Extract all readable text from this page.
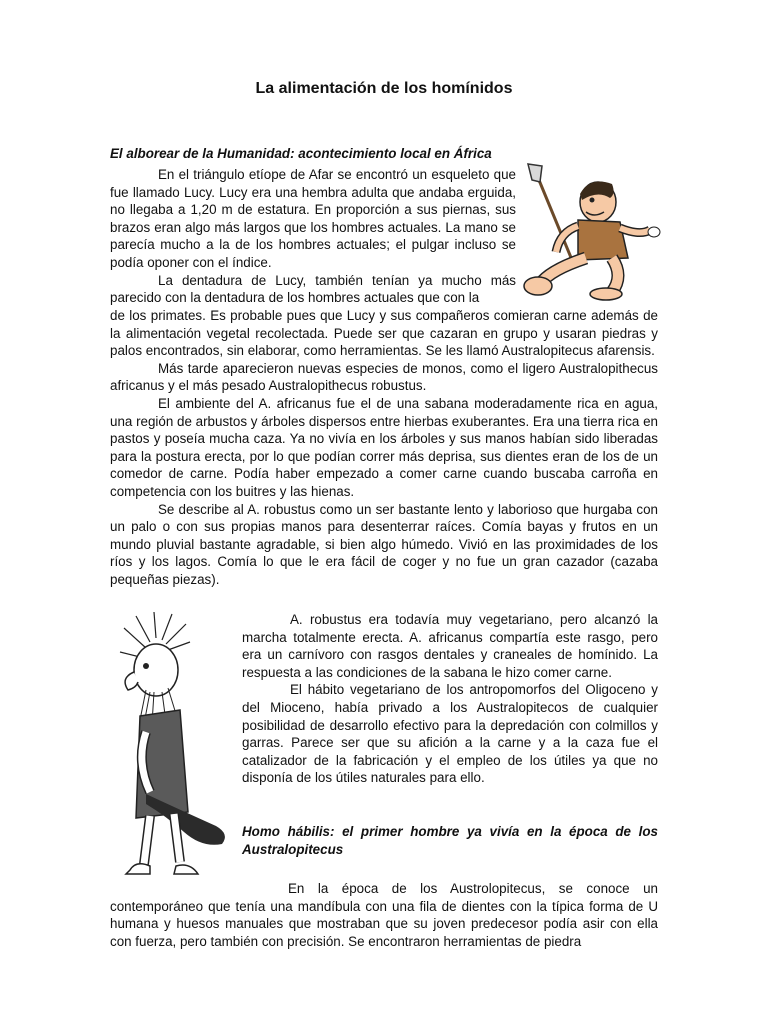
La alimentación de los homínidos
El alborear de la Humanidad: acontecimiento local en África

En el triángulo etíope de Afar se encontró un esqueleto que fue llamado Lucy. Lucy era una hembra adulta que andaba erguida, no llegaba a 1,20 m de estatura. En proporción a sus piernas, sus brazos eran algo más largos que los hombres actuales. La mano se parecía mucho a la de los hombres actuales; el pulgar incluso se podía oponer con el índice.

La dentadura de Lucy, también tenían ya mucho más parecido con la dentadura de los hombres actuales que con la

de los primates. Es probable pues que Lucy y sus compañeros comieran carne además de la alimentación vegetal recolectada. Puede ser que cazaran en grupo y usaran piedras y palos encontrados, sin elaborar, como herramientas. Se les llamó Australopitecus afarensis.

Más tarde aparecieron nuevas especies de monos, como el ligero Australopithecus africanus y el más pesado Australopithecus robustus.

El ambiente del A. africanus fue el de una sabana moderadamente rica en agua, una región de arbustos y árboles dispersos entre hierbas exuberantes. Era una tierra rica en pastos y poseía mucha caza. Ya no vivía en los árboles y sus manos habían sido liberadas para la postura erecta, por lo que podían correr más deprisa, sus dientes eran de los de un comedor de carne. Podía haber empezado a comer carne cuando buscaba carroña en competencia con los buitres y las hienas.

Se describe al A. robustus como un ser bastante lento y laborioso que hurgaba con un palo o con sus propias manos para desenterrar raíces. Comía bayas y frutos en un mundo pluvial bastante agradable, si bien algo húmedo. Vivió en las proximidades de los ríos y los lagos. Comía lo que le era fácil de coger y no fue un gran cazador (cazaba pequeñas piezas).

A. robustus era todavía muy vegetariano, pero alcanzó la marcha totalmente erecta. A. africanus compartía este rasgo, pero era un carnívoro con rasgos dentales y craneales de homínido. La respuesta a las condiciones de la sabana le hizo comer carne.

El hábito vegetariano de los antropomorfos del Oligoceno y del Mioceno, había privado a los Australopitecos de cualquier posibilidad de desarrollo efectivo para la depredación con colmillos y garras. Parece ser que su afición a la carne y a la caza fue el catalizador de la fabricación y el empleo de los útiles ya que no disponía de los útiles naturales para ello.

Homo hábilis: el primer hombre ya vivía en la época de los Australopitecus

En la época de los Austrolopitecus, se conoce un contemporáneo que tenía una mandíbula con una fila de dientes con la típica forma de U humana y huesos manuales que mostraban que su joven predecesor podía asir con ella con fuerza, pero también con precisión. Se encontraron herramientas de piedra
